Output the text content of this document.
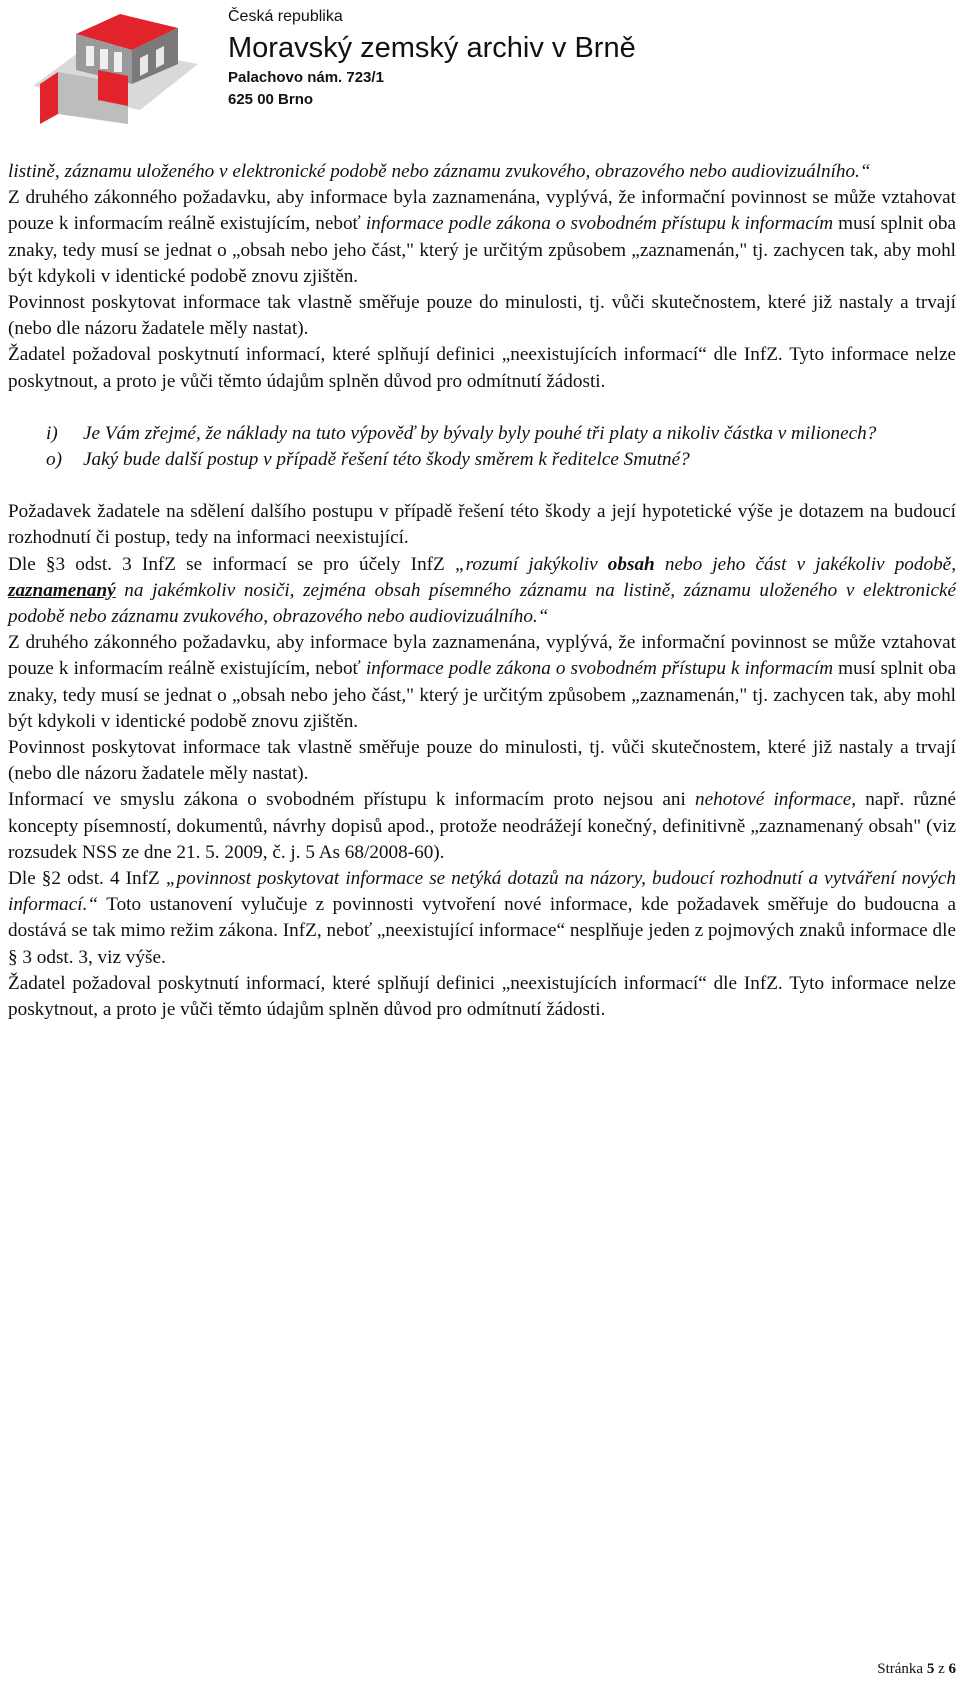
Česká republika
Moravský zemský archiv v Brně
Palachovo nám. 723/1
625 00 Brno

listině, záznamu uloženého v elektronické podobě nebo záznamu zvukového, obrazového nebo audiovizuálního.“

Z druhého zákonného požadavku, aby informace byla zaznamenána, vyplývá, že informační povinnost se může vztahovat pouze k informacím reálně existujícím, neboť informace podle zákona o svobodném přístupu k informacím musí splnit oba znaky, tedy musí se jednat o „obsah nebo jeho část," který je určitým způsobem „zaznamenán," tj. zachycen tak, aby mohl být kdykoli v identické podobě znovu zjištěn.

Povinnost poskytovat informace tak vlastně směřuje pouze do minulosti, tj. vůči skutečnostem, které již nastaly a trvají (nebo dle názoru žadatele měly nastat).

Žadatel požadoval poskytnutí informací, které splňují definici „neexistujících informací“ dle InfZ. Tyto informace nelze poskytnout, a proto je vůči těmto údajům splněn důvod pro odmítnutí žádosti.

i) Je Vám zřejmé, že náklady na tuto výpověď by bývaly byly pouhé tři platy a nikoliv částka v milionech?
o) Jaký bude další postup v případě řešení této škody směrem k ředitelce Smutné?

Požadavek žadatele na sdělení dalšího postupu v případě řešení této škody a její hypotetické výše je dotazem na budoucí rozhodnutí či postup, tedy na informaci neexistující.

Dle §3 odst. 3 InfZ se informací se pro účely InfZ „rozumí jakýkoliv obsah nebo jeho část v jakékoliv podobě, zaznamenaný na jakémkoliv nosiči, zejména obsah písemného záznamu na listině, záznamu uloženého v elektronické podobě nebo záznamu zvukového, obrazového nebo audiovizuálního.“

Z druhého zákonného požadavku, aby informace byla zaznamenána, vyplývá, že informační povinnost se může vztahovat pouze k informacím reálně existujícím, neboť informace podle zákona o svobodném přístupu k informacím musí splnit oba znaky, tedy musí se jednat o „obsah nebo jeho část," který je určitým způsobem „zaznamenán," tj. zachycen tak, aby mohl být kdykoli v identické podobě znovu zjištěn.

Povinnost poskytovat informace tak vlastně směřuje pouze do minulosti, tj. vůči skutečnostem, které již nastaly a trvají (nebo dle názoru žadatele měly nastat).

Informací ve smyslu zákona o svobodném přístupu k informacím proto nejsou ani nehotové informace, např. různé koncepty písemností, dokumentů, návrhy dopisů apod., protože neodrážejí konečný, definitivně „zaznamenaný obsah" (viz rozsudek NSS ze dne 21. 5. 2009, č. j. 5 As 68/2008-60).

Dle §2 odst. 4 InfZ „povinnost poskytovat informace se netýká dotazů na názory, budoucí rozhodnutí a vytváření nových informací.“ Toto ustanovení vylučuje z povinnosti vytvoření nové informace, kde požadavek směřuje do budoucna a dostává se tak mimo režim zákona. InfZ, neboť „neexistující informace“ nesplňuje jeden z pojmových znaků informace dle § 3 odst. 3, viz výše.

Žadatel požadoval poskytnutí informací, které splňují definici „neexistujících informací“ dle InfZ. Tyto informace nelze poskytnout, a proto je vůči těmto údajům splněn důvod pro odmítnutí žádosti.

Stránka 5 z 6
